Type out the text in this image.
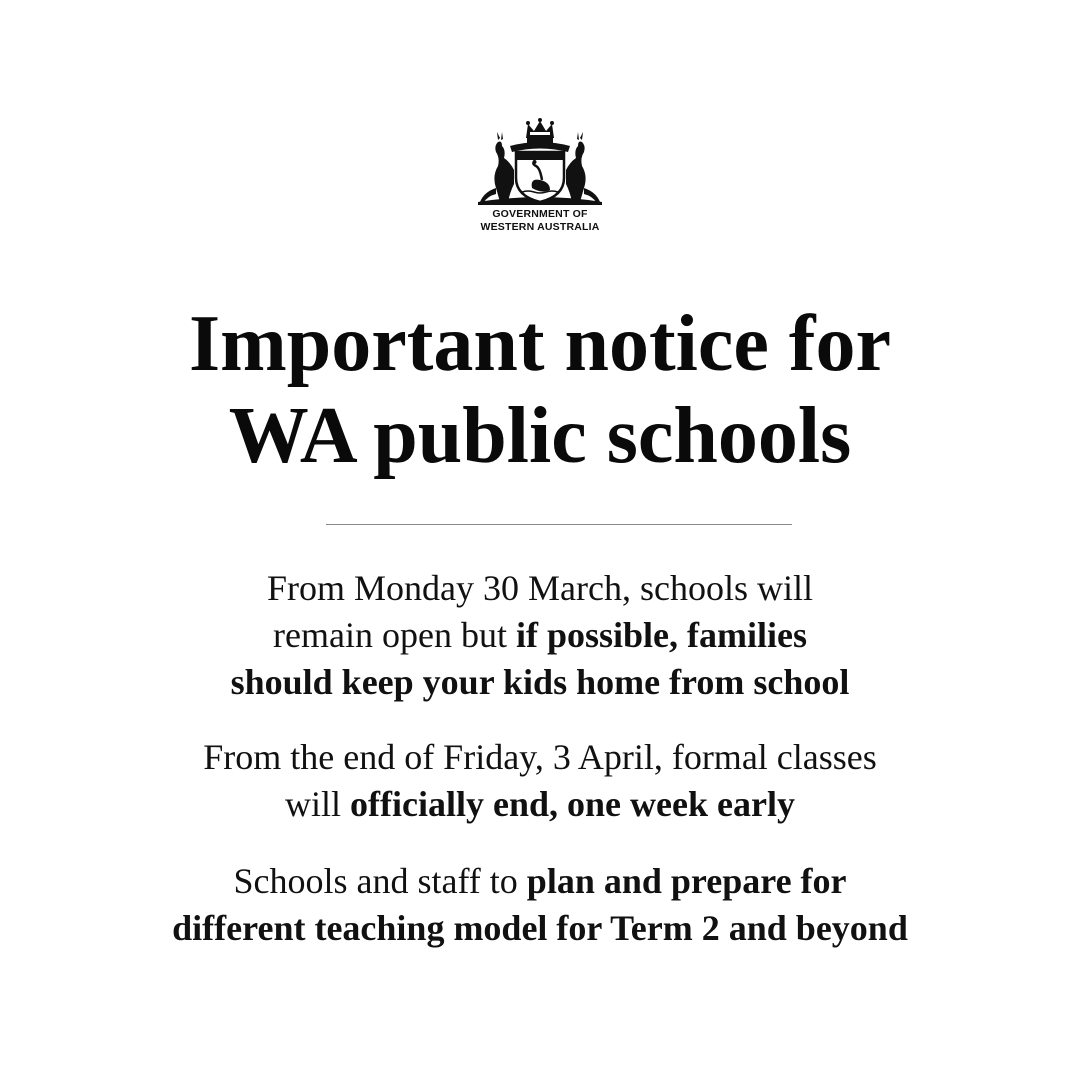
GOVERNMENT OF
WESTERN AUSTRALIA
Important notice for
WA public schools
From Monday 30 March, schools will
remain open but if possible, families
should keep your kids home from school
From the end of Friday, 3 April, formal classes
will officially end, one week early
Schools and staff to plan and prepare for
different teaching model for Term 2 and beyond
